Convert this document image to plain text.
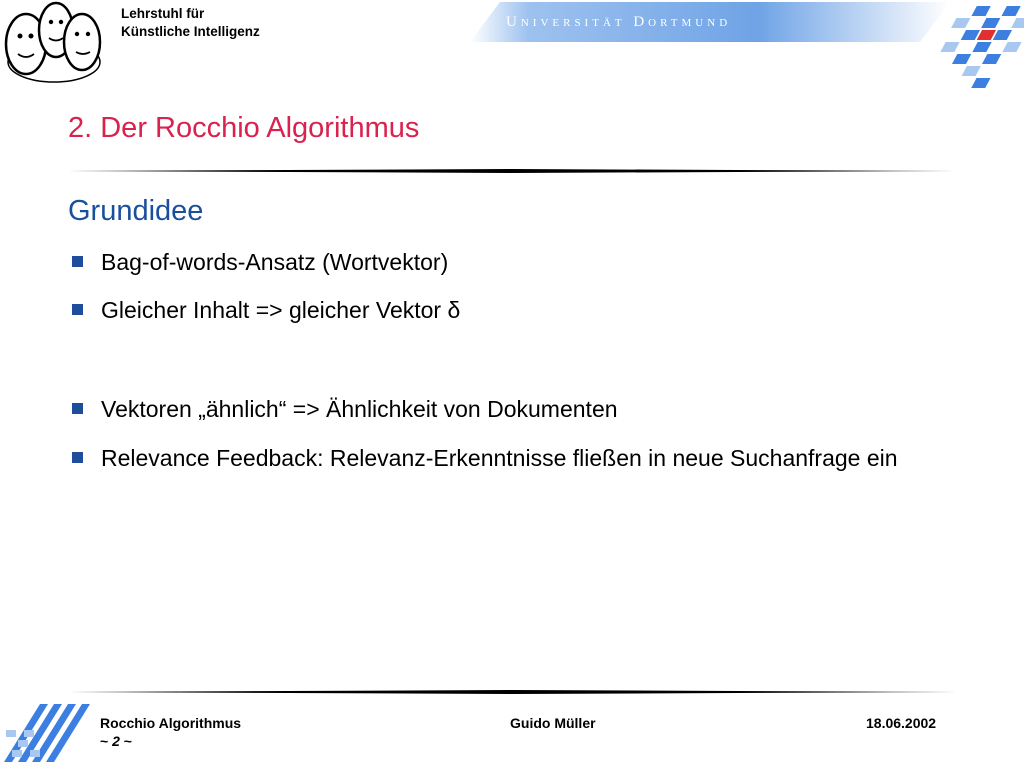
Lehrstuhl für
Künstliche Intelligenz
Universität Dortmund
2. Der Rocchio Algorithmus
Grundidee
Bag-of-words-Ansatz (Wortvektor)
Gleicher Inhalt => gleicher Vektor δ
Vektoren „ähnlich“ => Ähnlichkeit von Dokumenten
Relevance Feedback: Relevanz-Erkenntnisse fließen in neue Suchanfrage ein
Rocchio Algorithmus	Guido Müller	18.06.2002
~ 2 ~
